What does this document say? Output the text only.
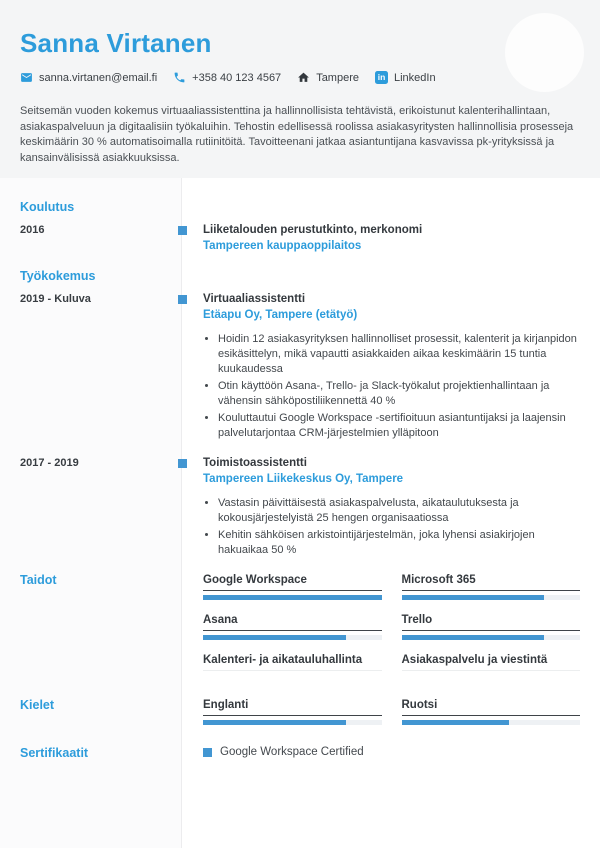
Sanna Virtanen
sanna.virtanen@email.fi	+358 40 123 4567	Tampere	in LinkedIn

Seitsemän vuoden kokemus virtuaaliassistenttina ja hallinnollisista tehtävistä, erikoistunut kalenterihallintaan, asiakaspalveluun ja digitaalisiin työkaluihin. Tehostin edellisessä roolissa asiakasyritysten hallinnollisia prosesseja keskimäärin 30 % automatisoimalla rutiinitöitä. Tavoitteenani jatkaa asiantuntijana kasvavissa pk-yrityksissä ja kansainvälisissä asiakkuuksissa.

Koulutus
2016	Liiketalouden perustutkinto, merkonomi
Tampereen kauppaoppilaitos
Työkokemus
2019 - Kuluva	Virtuaaliassistentti
Etäapu Oy, Tampere (etätyö)
• Hoidin 12 asiakasyrityksen hallinnolliset prosessit, kalenterit ja kirjanpidon esikäsittelyn, mikä vapautti asiakkaiden aikaa keskimäärin 15 tuntia kuukaudessa
• Otin käyttöön Asana-, Trello- ja Slack-työkalut projektienhallintaan ja vähensin sähköpostiliikennettä 40 %
• Kouluttautui Google Workspace -sertifioituun asiantuntijaksi ja laajensin palvelutarjontaa CRM-järjestelmien ylläpitoon
2017 - 2019	Toimistoassistentti
Tampereen Liikekeskus Oy, Tampere
• Vastasin päivittäisestä asiakaspalvelusta, aikataulutuksesta ja kokousjärjestelyistä 25 hengen organisaatiossa
• Kehitin sähköisen arkistointijärjestelmän, joka lyhensi asiakirjojen hakuaikaa 50 %
Taidot	Google Workspace	Microsoft 365
Asana	Trello
Kalenteri- ja aikatauluhallinta	Asiakaspalvelu ja viestintä
Kielet	Englanti	Ruotsi
Sertifikaatit	Google Workspace Certified
